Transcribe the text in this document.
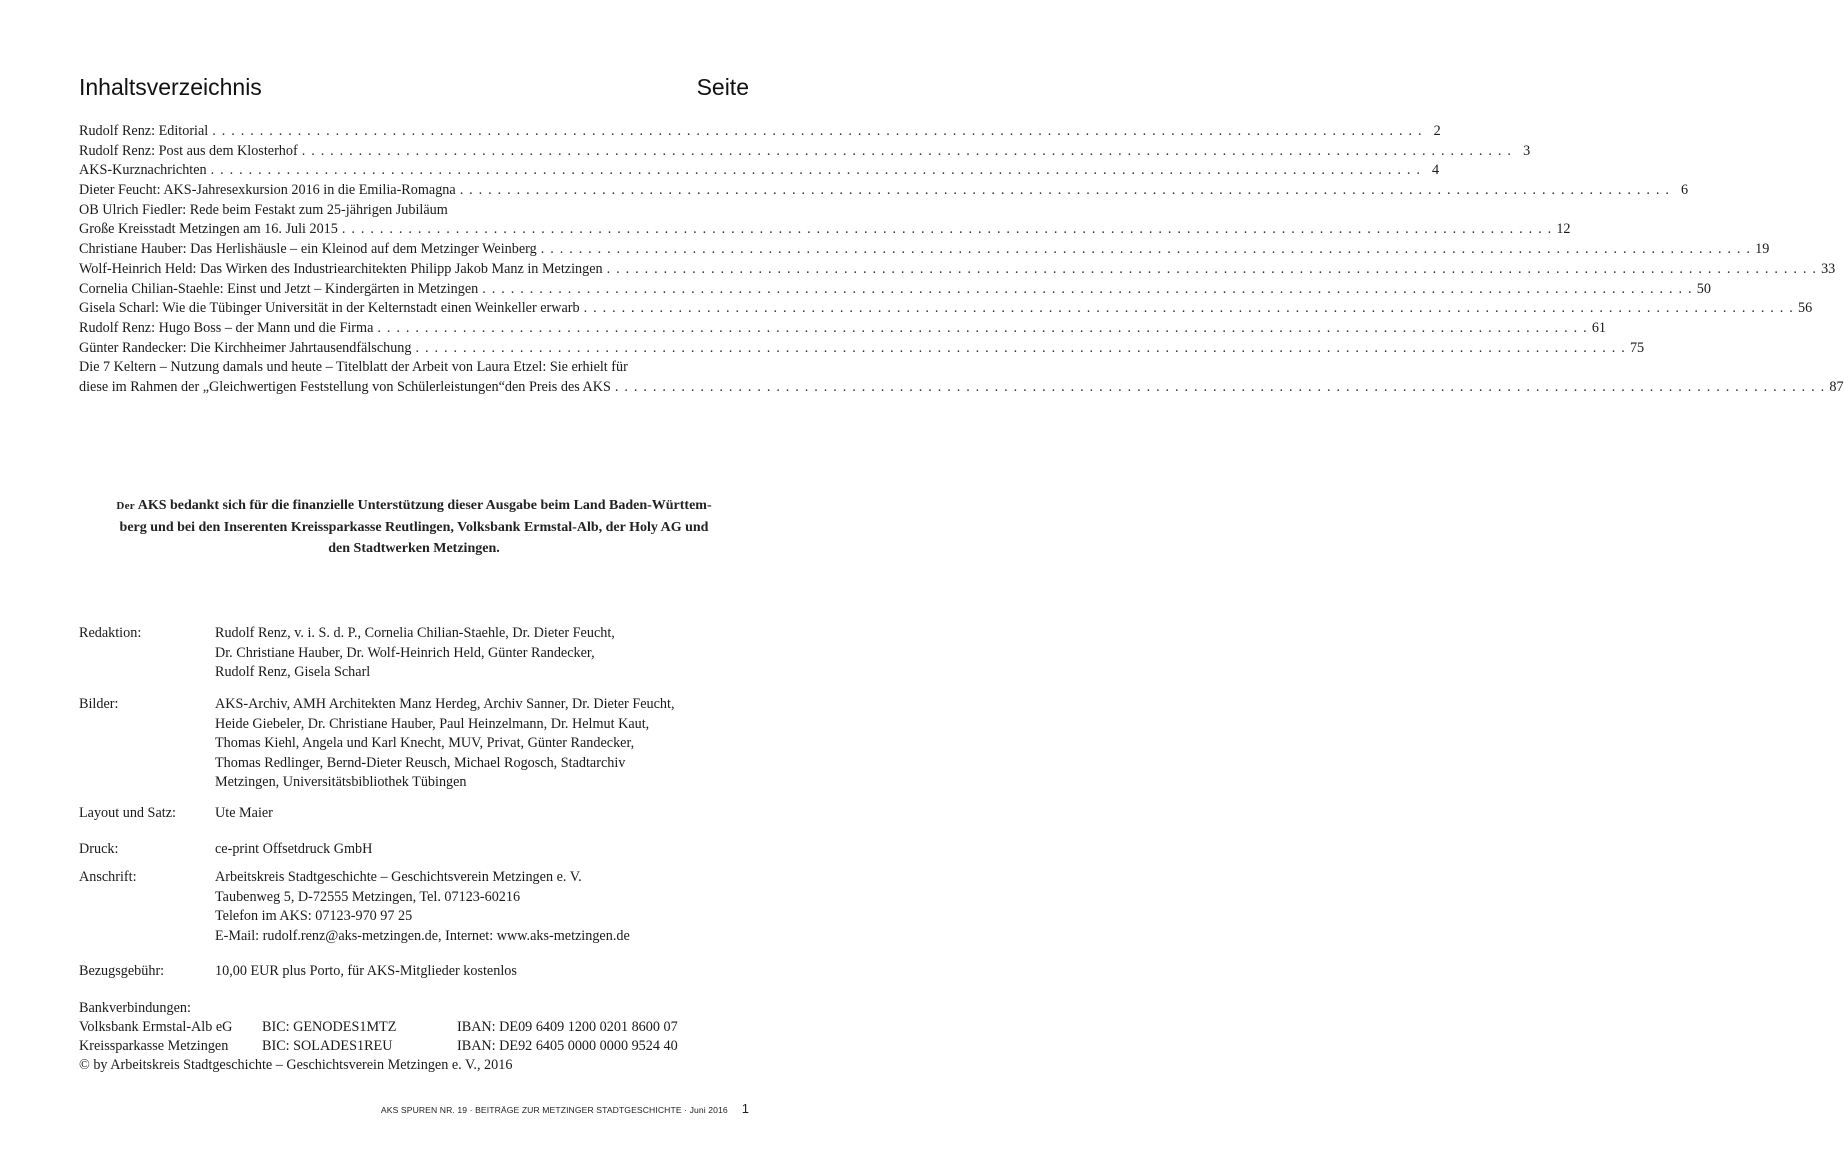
Inhaltsverzeichnis	Seite
Rudolf Renz: Editorial . . . . . . . . . . . . . . . . . . . . . . . . . . . . . . . . . . . . . . . . . . . . . . . . . . . . . . . . . . . . . . . . . . . . . . . . . . . . . . . . . . . . . . . . . . . . . . . . . . . . . . . . . . . . . . . . . . . . . . . . . . . . . . . . 2
Rudolf Renz: Post aus dem Klosterhof . . . . . . . . . . . . . . . . . . . . . . . . . . . . . . . . . . . . . . . . . . . . . . . . . . . . . . . . . . . . . . . . . . . . . . . . . . . . . . . . . . . . . . . . . . . . . . . . . . . . . . . . . . . . . . . . . . . . . . . . . . . . . . . . 3
AKS-Kurznachrichten . . . . . . . . . . . . . . . . . . . . . . . . . . . . . . . . . . . . . . . . . . . . . . . . . . . . . . . . . . . . . . . . . . . . . . . . . . . . . . . . . . . . . . . . . . . . . . . . . . . . . . . . . . . . . . . . . . . . . . . . . . . . . . . . 4
Dieter Feucht: AKS-Jahresexkursion 2016 in die Emilia-Romagna . . . . . . . . . . . . . . . . . . . . . . . . . . . . . . . . . . . . . . . . . . . . . . . . . . . . . . . . . . . . . . . . . . . . . . . . . . . . . . . . . . . . . . . . . . . . . . . . . . . . . . . . . . . . . . . . . . . . . . . . . . . . . . . . 6
OB Ulrich Fiedler: Rede beim Festakt zum 25-jährigen Jubiläum
Große Kreisstadt Metzingen am 16. Juli 2015 . . . . . . . . . . . . . . . . . . . . . . . . . . . . . . . . . . . . . . . . . . . . . . . . . . . . . . . . . . . . . . . . . . . . . . . . . . . . . . . . . . . . . . . . . . . . . . . . . . . . . . . . . . . . . . . . . . . . . . . . . . . . . . . . 12
Christiane Hauber: Das Herlishäusle – ein Kleinod auf dem Metzinger Weinberg . . . . . . . . . . . . . . . . . . . . . . . . . . . . . . . . . . . . . . . . . . . . . . . . . . . . . . . . . . . . . . . . . . . . . . . . . . . . . . . . . . . . . . . . . . . . . . . . . . . . . . . . . . . . . . . . . . . . . . . . . . . . . . . . 19
Wolf-Heinrich Held: Das Wirken des Industriearchitekten Philipp Jakob Manz in Metzingen . . . . . . . . . . . . . . . . . . . . . . . . . . . . . . . . . . . . . . . . . . . . . . . . . . . . . . . . . . . . . . . . . . . . . . . . . . . . . . . . . . . . . . . . . . . . . . . . . . . . . . . . . . . . . . . . . . . . . . . . . . . . . . . . 33
Cornelia Chilian-Staehle: Einst und Jetzt – Kindergärten in Metzingen . . . . . . . . . . . . . . . . . . . . . . . . . . . . . . . . . . . . . . . . . . . . . . . . . . . . . . . . . . . . . . . . . . . . . . . . . . . . . . . . . . . . . . . . . . . . . . . . . . . . . . . . . . . . . . . . . . . . . . . . . . . . . . . . 50
Gisela Scharl: Wie die Tübinger Universität in der Kelternstadt einen Weinkeller erwarb . . . . . . . . . . . . . . . . . . . . . . . . . . . . . . . . . . . . . . . . . . . . . . . . . . . . . . . . . . . . . . . . . . . . . . . . . . . . . . . . . . . . . . . . . . . . . . . . . . . . . . . . . . . . . . . . . . . . . . . . . . . . . . . . 56
Rudolf Renz: Hugo Boss – der Mann und die Firma . . . . . . . . . . . . . . . . . . . . . . . . . . . . . . . . . . . . . . . . . . . . . . . . . . . . . . . . . . . . . . . . . . . . . . . . . . . . . . . . . . . . . . . . . . . . . . . . . . . . . . . . . . . . . . . . . . . . . . . . . . . . . . . . 61
Günter Randecker: Die Kirchheimer Jahrtausendfälschung . . . . . . . . . . . . . . . . . . . . . . . . . . . . . . . . . . . . . . . . . . . . . . . . . . . . . . . . . . . . . . . . . . . . . . . . . . . . . . . . . . . . . . . . . . . . . . . . . . . . . . . . . . . . . . . . . . . . . . . . . . . . . . . . 75
Die 7 Keltern – Nutzung damals und heute – Titelblatt der Arbeit von Laura Etzel: Sie erhielt für
diese im Rahmen der „Gleichwertigen Feststellung von Schülerleistungen“den Preis des AKS . . . . . . . . . . . . . . . . . . . . . . . . . . . . . . . . . . . . . . . . . . . . . . . . . . . . . . . . . . . . . . . . . . . . . . . . . . . . . . . . . . . . . . . . . . . . . . . . . . . . . . . . . . . . . . . . . . . . . . . . . . . . . . . . 87
Der AKS bedankt sich für die finanzielle Unterstützung dieser Ausgabe beim Land Baden-Württem-
berg und bei den Inserenten Kreissparkasse Reutlingen, Volksbank Ermstal-Alb, der Holy AG und
den Stadtwerken Metzingen.
Redaktion:	Rudolf Renz, v. i. S. d. P., Cornelia Chilian-Staehle, Dr. Dieter Feucht,
Dr. Christiane Hauber, Dr. Wolf-Heinrich Held, Günter Randecker,
Rudolf Renz, Gisela Scharl
Bilder:	AKS-Archiv, AMH Architekten Manz Herdeg, Archiv Sanner, Dr. Dieter Feucht,
Heide Giebeler, Dr. Christiane Hauber, Paul Heinzelmann, Dr. Helmut Kaut,
Thomas Kiehl, Angela und Karl Knecht, MUV, Privat, Günter Randecker,
Thomas Redlinger, Bernd-Dieter Reusch, Michael Rogosch, Stadtarchiv
Metzingen, Universitätsbibliothek Tübingen
Layout und Satz:	Ute Maier
Druck:	ce-print Offsetdruck GmbH
Anschrift:	Arbeitskreis Stadtgeschichte – Geschichtsverein Metzingen e. V.
Taubenweg 5, D-72555 Metzingen, Tel. 07123-60216
Telefon im AKS: 07123-970 97 25
E-Mail: rudolf.renz@aks-metzingen.de, Internet: www.aks-metzingen.de
Bezugsgebühr:	10,00 EUR plus Porto, für AKS-Mitglieder kostenlos
Bankverbindungen:
Volksbank Ermstal-Alb eG BIC: GENODES1MTZ	IBAN: DE09 6409 1200 0201 8600 07
Kreissparkasse Metzingen BIC: SOLADES1REU	IBAN: DE92 6405 0000 0000 9524 40
© by Arbeitskreis Stadtgeschichte – Geschichtsverein Metzingen e. V., 2016
AKS SPUREN NR. 19 · BEITRÄGE ZUR METZINGER STADTGESCHICHTE · Juni 2016 1
